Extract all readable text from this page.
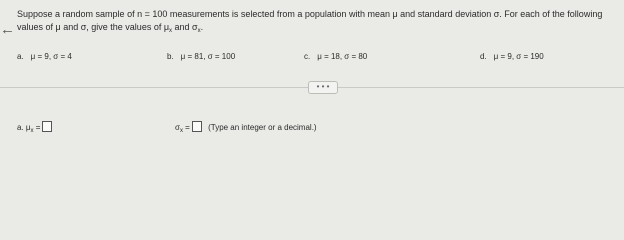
←
Suppose a random sample of n = 100 measurements is selected from a population with mean μ and standard deviation σ. For each of the following
values of μ and σ, give the values of $\mu_x$ and $\sigma_x$.
a. μ = 9, σ = 4	b. μ = 81, σ = 100	c. μ = 18, σ = 80	d. μ = 9, σ = 190
• • •
a. $\mu_x$ =	$\sigma_x$ = (Type an integer or a decimal.)
